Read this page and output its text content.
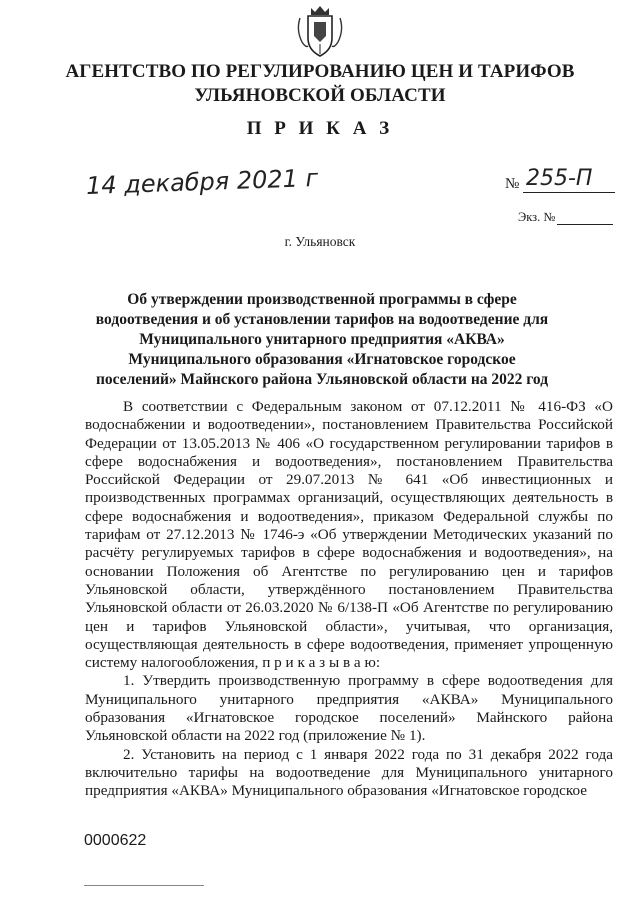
АГЕНТСТВО ПО РЕГУЛИРОВАНИЮ ЦЕН И ТАРИФОВ УЛЬЯНОВСКОЙ ОБЛАСТИ
П Р И К А З
14 декабря 2021 г	№ 255-П
Экз. №
г. Ульяновск
Об утверждении производственной программы в сфере водоотведения и об установлении тарифов на водоотведение для Муниципального унитарного предприятия «АКВА» Муниципального образования «Игнатовское городское поселений» Майнского района Ульяновской области на 2022 год

В соответствии с Федеральным законом от 07.12.2011 № 416-ФЗ «О водоснабжении и водоотведении», постановлением Правительства Российской Федерации от 13.05.2013 № 406 «О государственном регулировании тарифов в сфере водоснабжения и водоотведения», постановлением Правительства Российской Федерации от 29.07.2013 № 641 «Об инвестиционных и производственных программах организаций, осуществляющих деятельность в сфере водоснабжения и водоотведения», приказом Федеральной службы по тарифам от 27.12.2013 № 1746-э «Об утверждении Методических указаний по расчёту регулируемых тарифов в сфере водоснабжения и водоотведения», на основании Положения об Агентстве по регулированию цен и тарифов Ульяновской области, утверждённого постановлением Правительства Ульяновской области от 26.03.2020 № 6/138-П «Об Агентстве по регулированию цен и тарифов Ульяновской области», учитывая, что организация, осуществляющая деятельность в сфере водоотведения, применяет упрощенную систему налогообложения, п р и к а з ы в а ю:

1. Утвердить производственную программу в сфере водоотведения для Муниципального унитарного предприятия «АКВА» Муниципального образования «Игнатовское городское поселений» Майнского района Ульяновской области на 2022 год (приложение № 1).

2. Установить на период с 1 января 2022 года по 31 декабря 2022 года включительно тарифы на водоотведение для Муниципального унитарного предприятия «АКВА» Муниципального образования «Игнатовское городское

0000622
